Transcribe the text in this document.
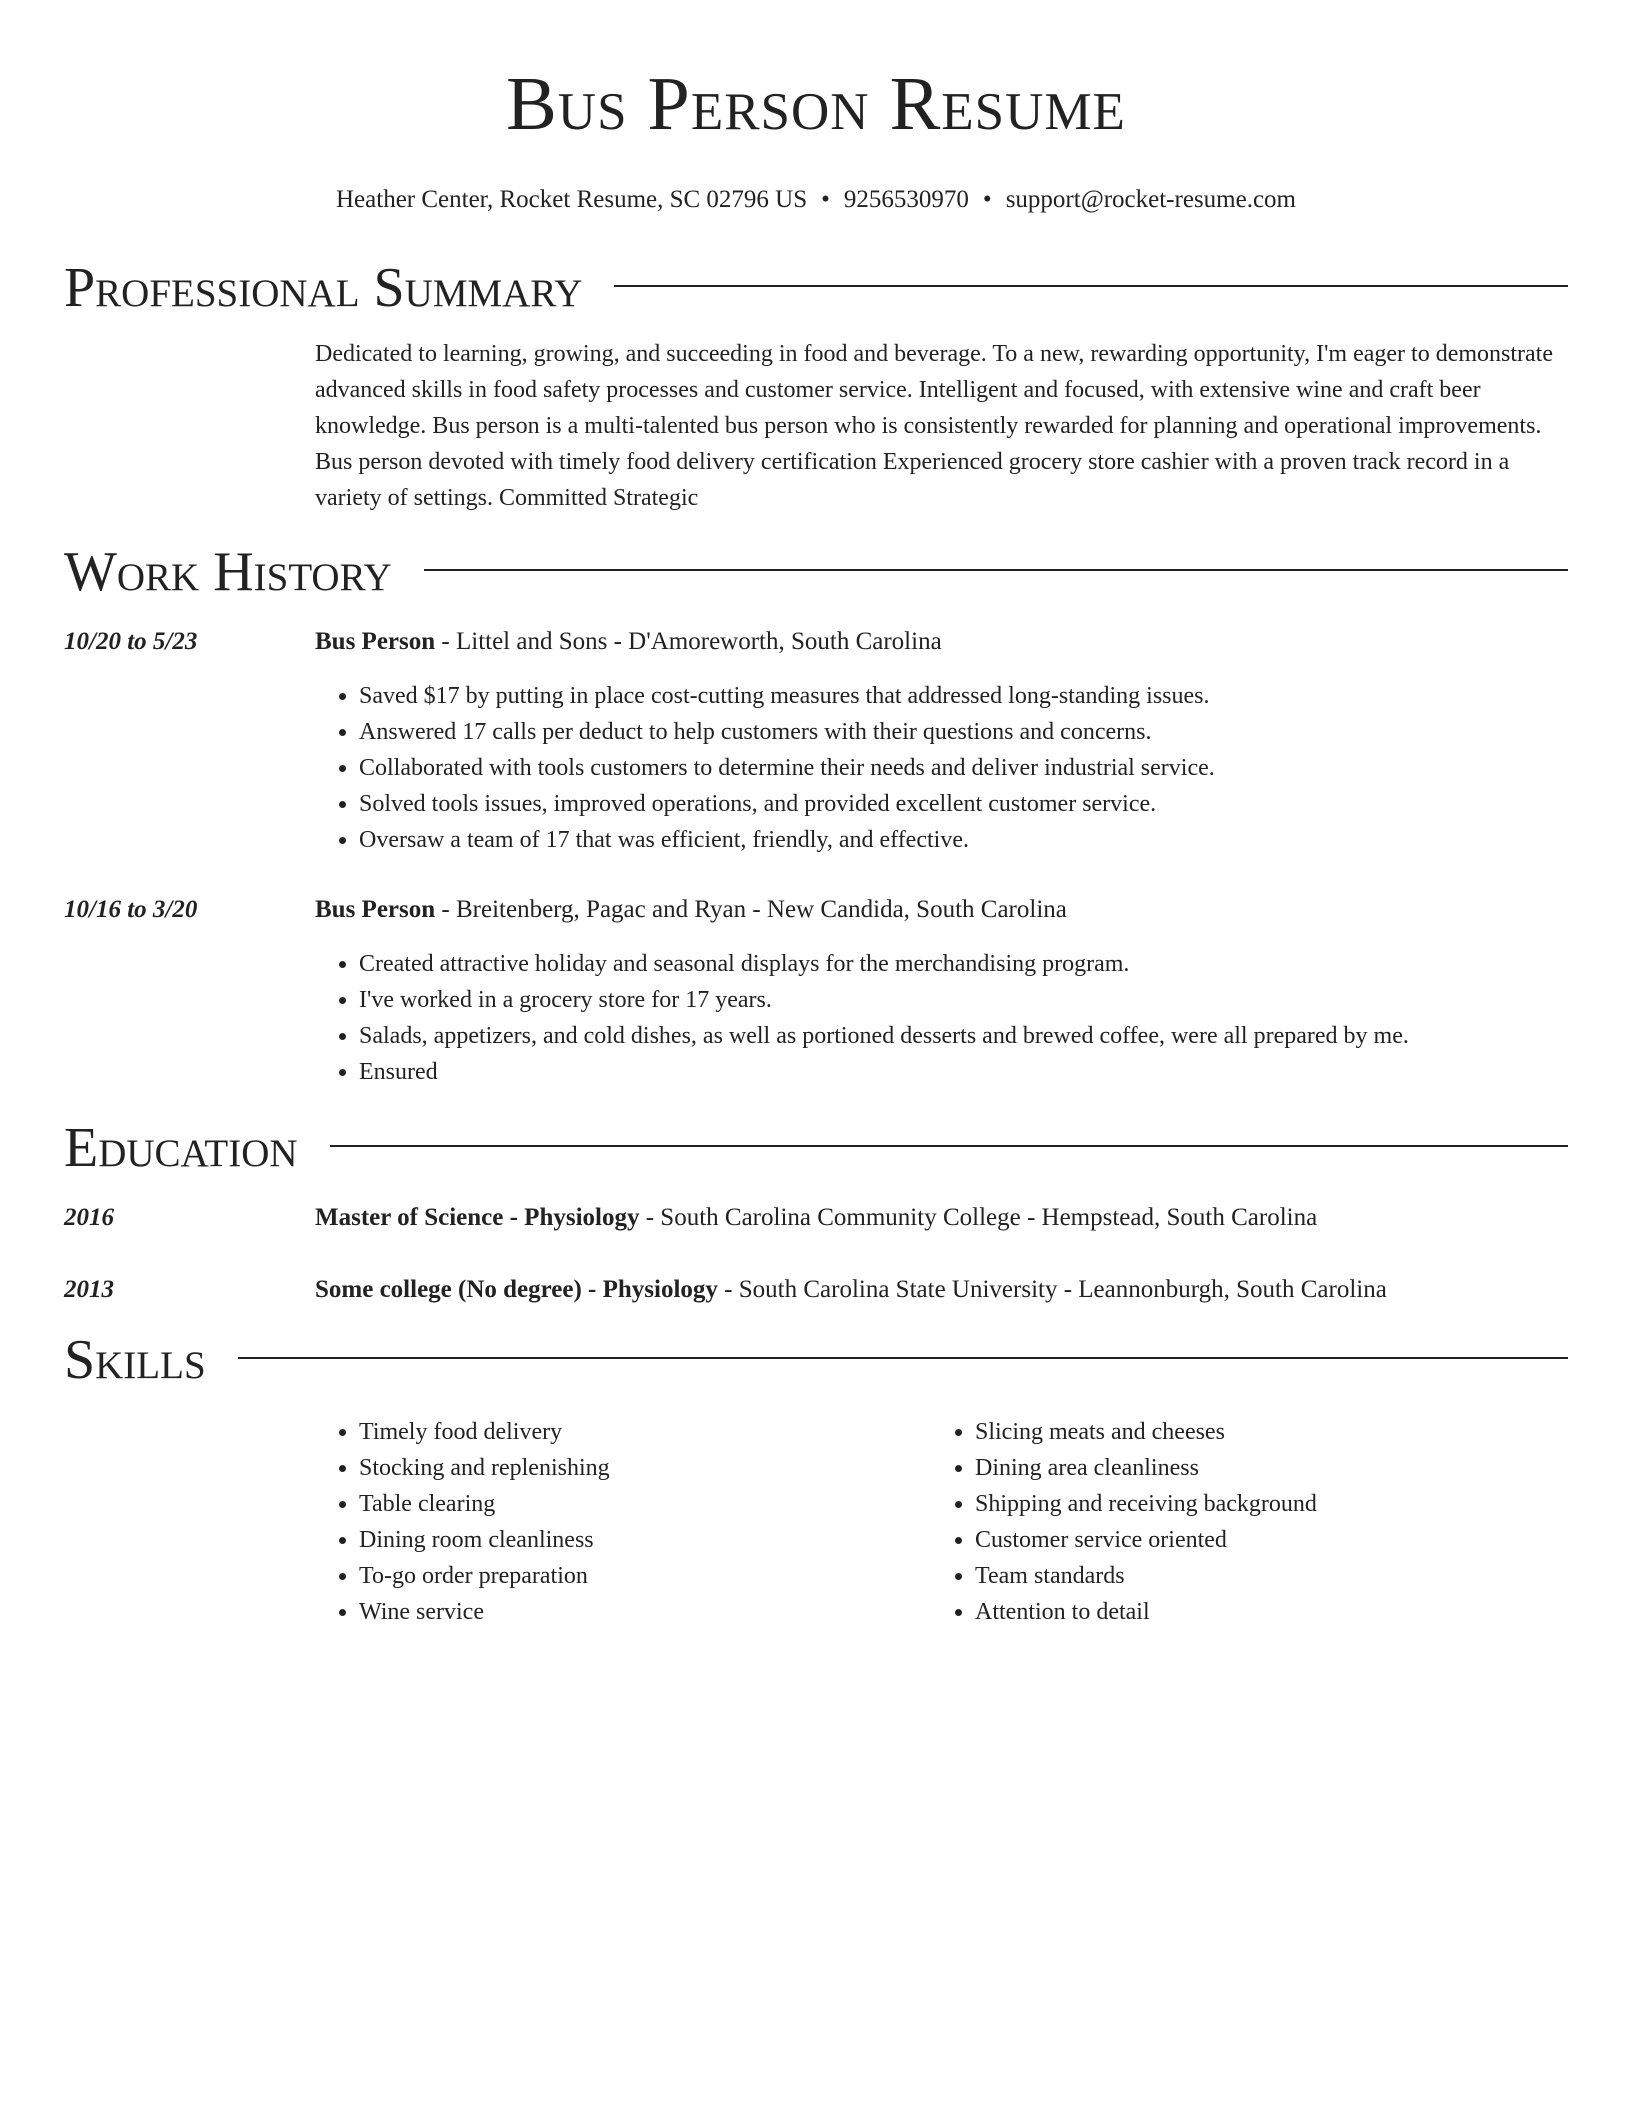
Bus Person Resume
Heather Center, Rocket Resume, SC 02796 US • 9256530970 • support@rocket-resume.com
Professional Summary
Dedicated to learning, growing, and succeeding in food and beverage. To a new, rewarding opportunity, I'm eager to demonstrate advanced skills in food safety processes and customer service. Intelligent and focused, with extensive wine and craft beer knowledge. Bus person is a multi-talented bus person who is consistently rewarded for planning and operational improvements. Bus person devoted with timely food delivery certification Experienced grocery store cashier with a proven track record in a variety of settings. Committed Strategic
Work History
10/20 to 5/23	Bus Person - Littel and Sons - D'Amoreworth, South Carolina
• Saved $17 by putting in place cost-cutting measures that addressed long-standing issues.
• Answered 17 calls per deduct to help customers with their questions and concerns.
• Collaborated with tools customers to determine their needs and deliver industrial service.
• Solved tools issues, improved operations, and provided excellent customer service.
• Oversaw a team of 17 that was efficient, friendly, and effective.
10/16 to 3/20	Bus Person - Breitenberg, Pagac and Ryan - New Candida, South Carolina
• Created attractive holiday and seasonal displays for the merchandising program.
• I've worked in a grocery store for 17 years.
• Salads, appetizers, and cold dishes, as well as portioned desserts and brewed coffee, were all prepared by me.
• Ensured
Education
2016	Master of Science - Physiology - South Carolina Community College - Hempstead, South Carolina
2013	Some college (No degree) - Physiology - South Carolina State University - Leannonburgh, South Carolina
Skills
• Timely food delivery
• Stocking and replenishing
• Table clearing
• Dining room cleanliness
• To-go order preparation
• Wine service
• Slicing meats and cheeses
• Dining area cleanliness
• Shipping and receiving background
• Customer service oriented
• Team standards
• Attention to detail
